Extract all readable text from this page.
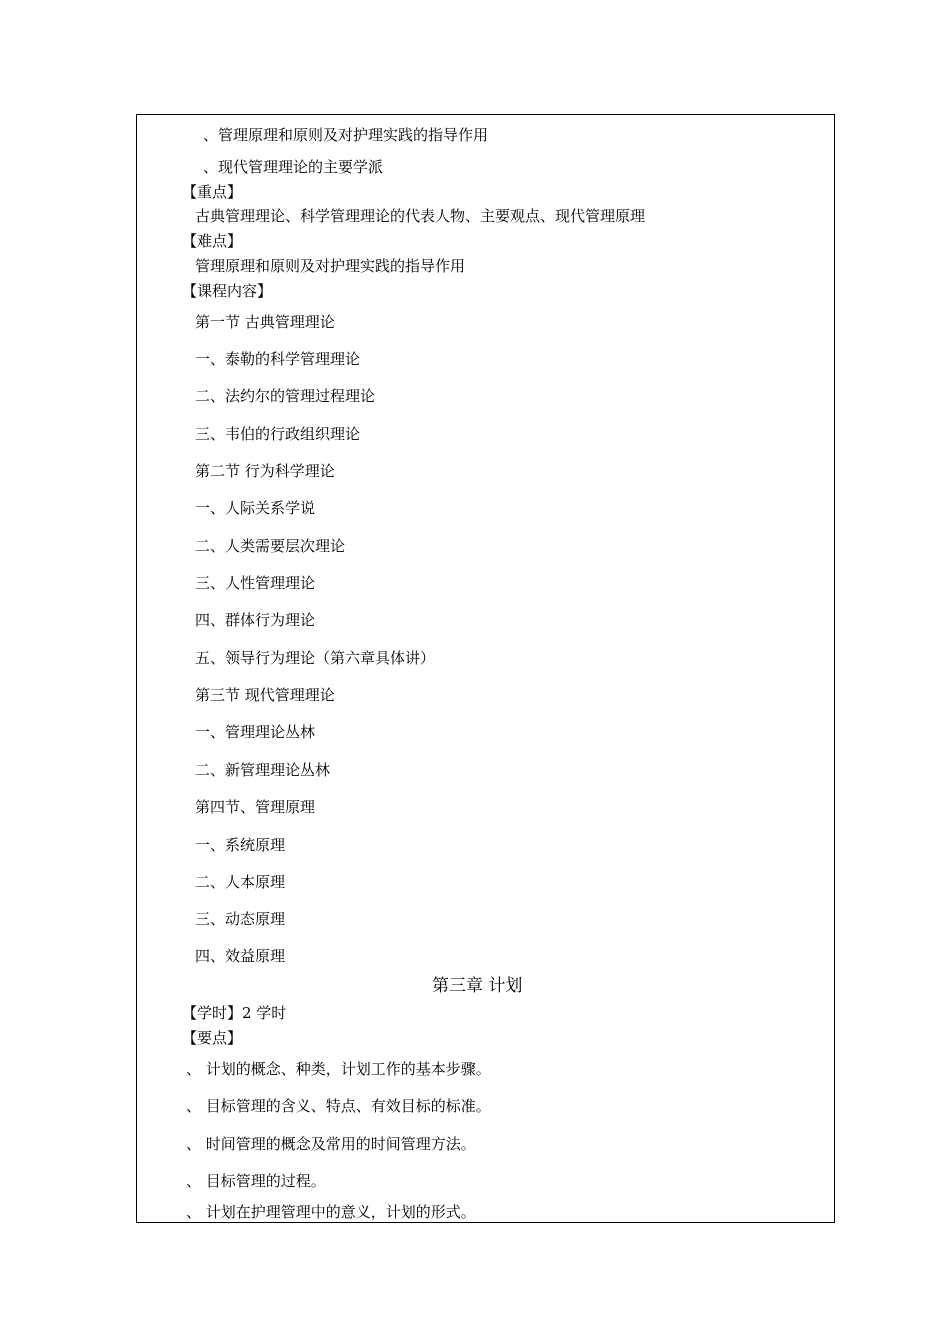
、管理原理和原则及对护理实践的指导作用
、现代管理理论的主要学派
【重点】
古典管理理论、科学管理理论的代表人物、主要观点、现代管理原理
【难点】
管理原理和原则及对护理实践的指导作用
【课程内容】
第一节 古典管理理论
一、泰勒的科学管理理论
二、法约尔的管理过程理论
三、韦伯的行政组织理论
第二节 行为科学理论
一、人际关系学说
二、人类需要层次理论
三、人性管理理论
四、群体行为理论
五、领导行为理论（第六章具体讲）
第三节 现代管理理论
一、管理理论丛林
二、新管理理论丛林
第四节、管理原理
一、系统原理
二、人本原理
三、动态原理
四、效益原理
第三章 计划
【学时】2 学时
【要点】
、 计划的概念、种类，计划工作的基本步骤。
、 目标管理的含义、特点、有效目标的标准。
、 时间管理的概念及常用的时间管理方法。
、 目标管理的过程。
、 计划在护理管理中的意义，计划的形式。
